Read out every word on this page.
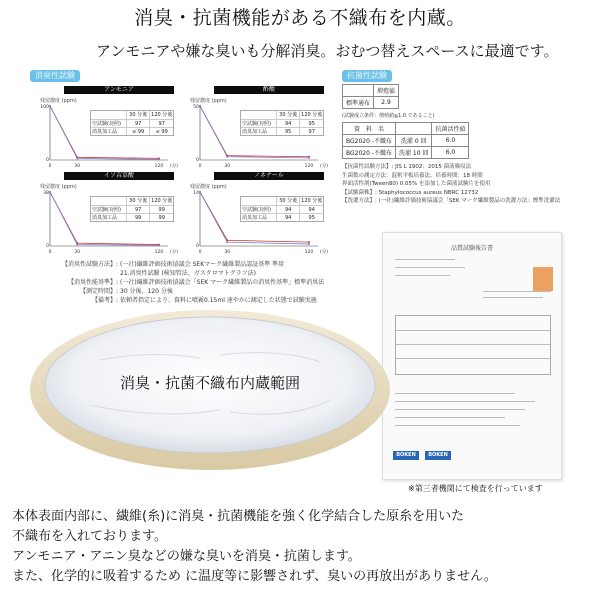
消臭・抗菌機能がある不織布を内蔵。
アンモニアや嫌な臭いも分解消臭。おむつ替えスペースに最適です。
消臭性試験
アンモニア
残留濃度 (ppm)
100
0
0	30	120 (分)
30 分後 120 分後
空試験(対照)	97	97
消臭加工品	≤ 99	≤ 99
酢酸
残留濃度 (ppm)
50
0
0	30	120 (分)
30 分後 120 分後
空試験(対照)	94	95
消臭加工品	95	97
イソ吉草酸
残留濃度 (ppm)
38
0
0	30	120 (分)
30 分後 120 分後
空試験(対照)	97	99
消臭加工品	99	99
ノネナール
残留濃度 (ppm)
14
0
0	30	120 (分)
30 分後 120 分後
空試験(対照)	94	94
消臭加工品	94	95
【消臭性試験方法】: (一社)繊維評価技術協議会 SEKマーク繊維製品認証基準 準用
21.消臭性試験 (検知管法、ガスクロマトグラフ法)
【消臭性能基準】: (一社)繊維評価技術協議会「SEK マーク繊維製品の消臭性基準」標準消臭法
【測定時間】: 30 分後、120 分後
【備考】: 依頼者指定により、資料に噴霧0.15ml 速やかに測定した状態で試験実施
抗菌性試験
	増殖値
標準通布	2.9
(試験成立条件：増殖値≧1.0 であること)
資　料　名		抗菌活性値
BG2020 -不織布	洗濯 0 回	6.0
BG2020 -不織布	洗濯 10 回	6.0
【抗菌性試験方法】: JIS L 1902：2015 菌液吸収法
生菌数の測定方法：混釈平板培養法、培養時間：18 時間
界面活性剤(Tween80) 0.05% を添加した菌液試験片を使用
【試験菌株】: Staphylococcus aureus NBRC 12732
【洗濯方法】: (一社)繊維評価技術協議会「SEK マーク繊維製品の洗濯方法」標準洗濯法
品質試験報告書
BOKEN	BOKEN
※第三者機関にて検査を行っています
消臭・抗菌不織布内蔵範囲
本体表面内部に、繊維(糸)に消臭・抗菌機能を強く化学結合した原糸を用いた
不織布を入れております。
アンモニア・アニン臭などの嫌な臭いを消臭・抗菌します。
また、化学的に吸着するため に温度等に影響されず、臭いの再放出がありません。
